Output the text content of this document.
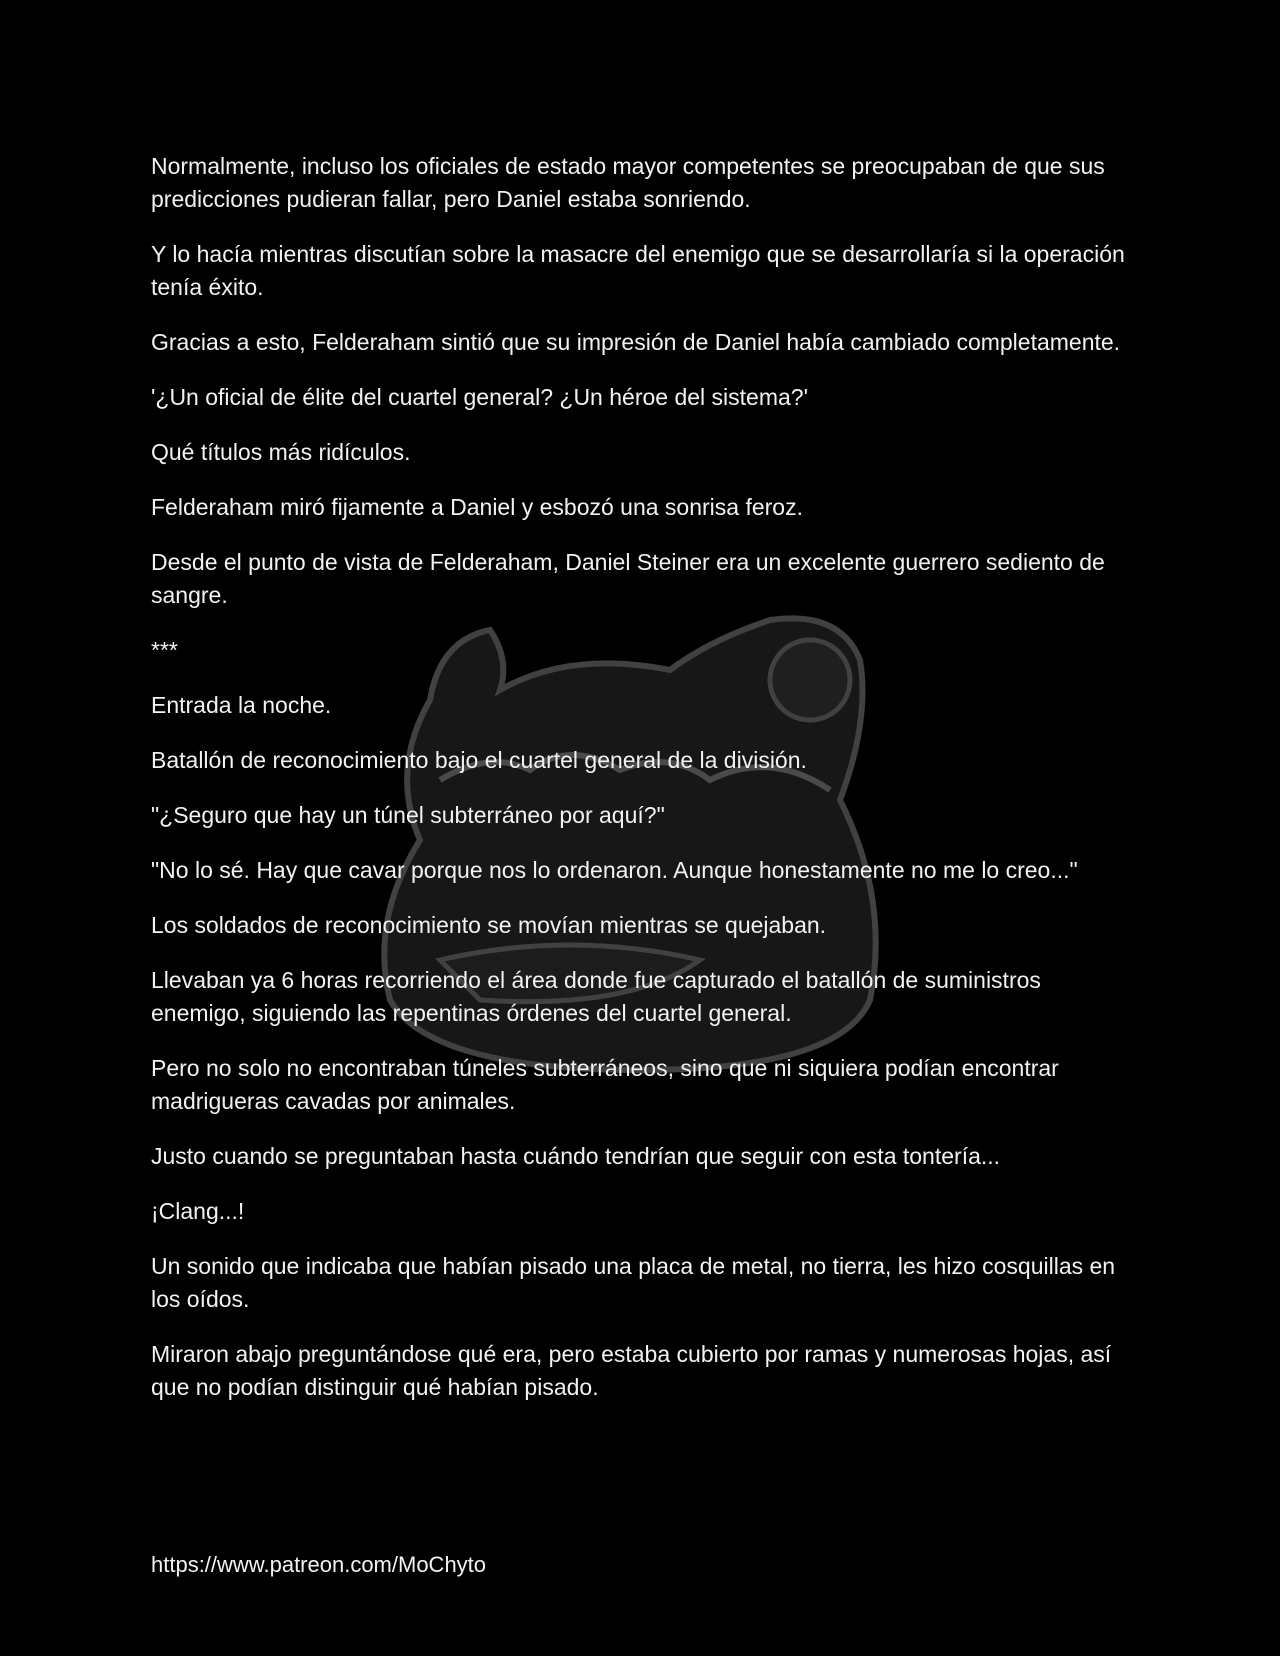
Normalmente, incluso los oficiales de estado mayor competentes se preocupaban de que sus predicciones pudieran fallar, pero Daniel estaba sonriendo.

Y lo hacía mientras discutían sobre la masacre del enemigo que se desarrollaría si la operación tenía éxito.

Gracias a esto, Felderaham sintió que su impresión de Daniel había cambiado completamente.

'¿Un oficial de élite del cuartel general? ¿Un héroe del sistema?'

Qué títulos más ridículos.

Felderaham miró fijamente a Daniel y esbozó una sonrisa feroz.

Desde el punto de vista de Felderaham, Daniel Steiner era un excelente guerrero sediento de sangre.

***

Entrada la noche.

Batallón de reconocimiento bajo el cuartel general de la división.

"¿Seguro que hay un túnel subterráneo por aquí?"

"No lo sé. Hay que cavar porque nos lo ordenaron. Aunque honestamente no me lo creo..."

Los soldados de reconocimiento se movían mientras se quejaban.

Llevaban ya 6 horas recorriendo el área donde fue capturado el batallón de suministros enemigo, siguiendo las repentinas órdenes del cuartel general.

Pero no solo no encontraban túneles subterráneos, sino que ni siquiera podían encontrar madrigueras cavadas por animales.

Justo cuando se preguntaban hasta cuándo tendrían que seguir con esta tontería...

¡Clang...!

Un sonido que indicaba que habían pisado una placa de metal, no tierra, les hizo cosquillas en los oídos.

Miraron abajo preguntándose qué era, pero estaba cubierto por ramas y numerosas hojas, así que no podían distinguir qué habían pisado.

https://www.patreon.com/MoChyto
